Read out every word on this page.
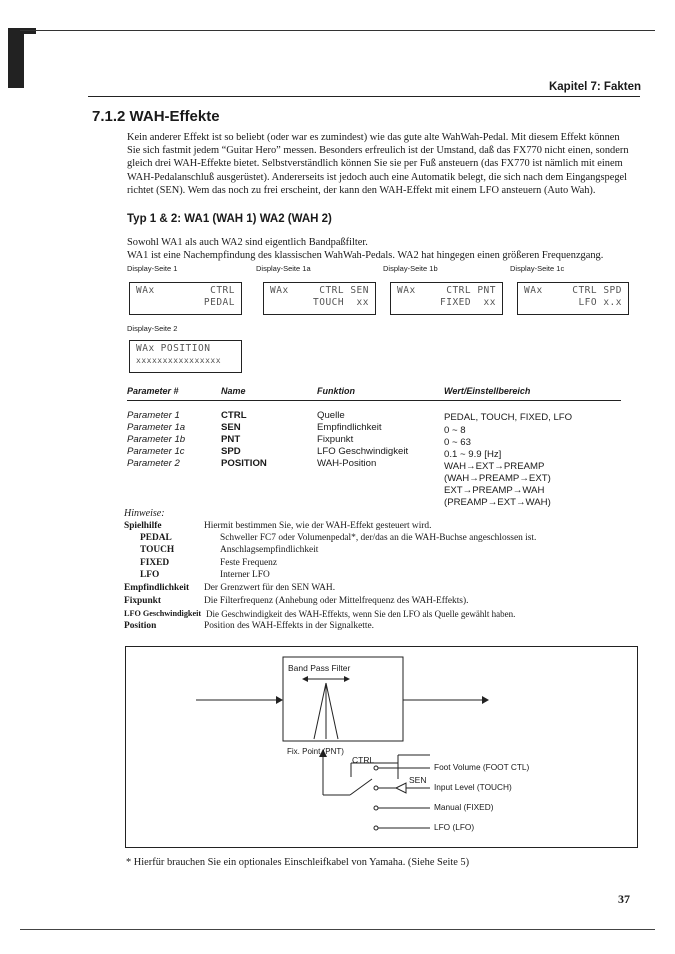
Kapitel 7: Fakten
7.1.2 WAH-Effekte
Kein anderer Effekt ist so beliebt (oder war es zumindest) wie das gute alte WahWah-Pedal. Mit diesem Effekt können
Sie sich fastmit jedem “Guitar Hero” messen. Besonders erfreulich ist der Umstand, daß das FX770 nicht einen, sondern
gleich drei WAH-Effekte bietet. Selbstverständlich können Sie sie per Fuß ansteuern (das FX770 ist nämlich mit einem
WAH-Pedalanschluß ausgerüstet). Andererseits ist jedoch auch eine Automatik belegt, die sich nach dem Eingangspegel
richtet (SEN). Wem das noch zu frei erscheint, der kann den WAH-Effekt mit einem LFO ansteuern (Auto Wah).
Typ 1 & 2: WA1 (WAH 1) WA2 (WAH 2)
Sowohl WA1 als auch WA2 sind eigentlich Bandpaßfilter.
WA1 ist eine Nachempfindung des klassischen WahWah-Pedals. WA2 hat hingegen einen größeren Frequenzgang.
Display-Seite 1
WAx	CTRL
PEDAL
Display-Seite 1a
WAx	CTRL SEN
TOUCH  xx
Display-Seite 1b
WAx	CTRL PNT
FIXED  xx
Display-Seite 1c
WAx	CTRL SPD
LFO x.x
Display-Seite 2
WAx POSITION
xxxxxxxxxxxxxxxx
Parameter #	Name	Funktion	Wert/Einstellbereich
Parameter 1	CTRL	Quelle	PEDAL, TOUCH, FIXED, LFO
Parameter 1a	SEN	Empfindlichkeit	0 ~ 8
Parameter 1b	PNT	Fixpunkt	0 ~ 63
Parameter 1c	SPD	LFO Geschwindigkeit	0.1 ~ 9.9 [Hz]
Parameter 2	POSITION	WAH-Position	WAH→EXT→PREAMP
(WAH→PREAMP→EXT)
EXT→PREAMP→WAH
(PREAMP→EXT→WAH)
Hinweise:
Spielhilfe	Hiermit bestimmen Sie, wie der WAH-Effekt gesteuert wird.
PEDAL	Schweller FC7 oder Volumenpedal*, der/das an die WAH-Buchse angeschlossen ist.
TOUCH	Anschlagsempfindlichkeit
FIXED	Feste Frequenz
LFO	Interner LFO
Empfindlichkeit Der Grenzwert für den SEN WAH.
Fixpunkt	Die Filterfrequenz (Anhebung oder Mittelfrequenz des WAH-Effekts).
LFO Geschwindigkeit Die Geschwindigkeit des WAH-Effekts, wenn Sie den LFO als Quelle gewählt haben.
Position	Position des WAH-Effekts in der Signalkette.
Band Pass Filter
Fix. Point (PNT)
CTRL
SEN
Foot Volume (FOOT CTL)
Input Level (TOUCH)
Manual (FIXED)
LFO (LFO)
* Hierfür brauchen Sie ein optionales Einschleifkabel von Yamaha. (Siehe Seite 5)
37
